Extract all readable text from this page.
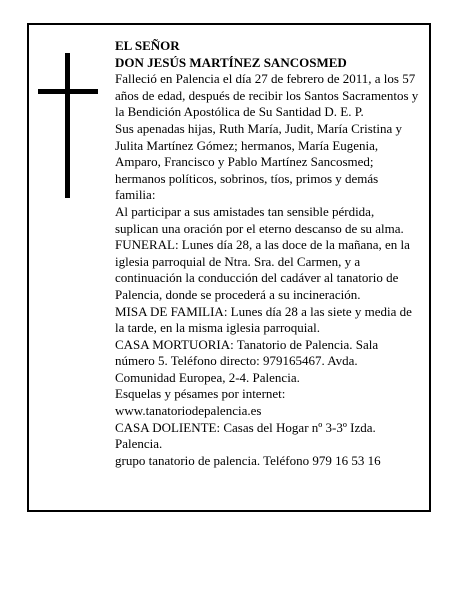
EL SEÑOR

DON JESÚS MARTÍNEZ SANCOSMED

Falleció en Palencia el día 27 de febrero de 2011, a los 57 años de edad, después de recibir los Santos Sacramentos y la Bendición Apostólica de Su Santidad D. E. P.

Sus apenadas hijas, Ruth María, Judit, María Cristina y Julita Martínez Gómez; hermanos, María Eugenia, Amparo, Francisco y Pablo Martínez Sancosmed; hermanos políticos, sobrinos, tíos, primos y demás familia:

Al participar a sus amistades tan sensible pérdida, suplican una oración por el eterno descanso de su alma.

FUNERAL: Lunes día 28, a las doce de la mañana, en la iglesia parroquial de Ntra. Sra. del Carmen, y a continuación la conducción del cadáver al tanatorio de Palencia, donde se procederá a su incineración.

MISA DE FAMILIA: Lunes día 28 a las siete y media de la tarde, en la misma iglesia parroquial.

CASA MORTUORIA: Tanatorio de Palencia. Sala número 5. Teléfono directo: 979165467. Avda. Comunidad Europea, 2-4. Palencia.

Esquelas y pésames por internet: www.tanatoriodepalencia.es

CASA DOLIENTE: Casas del Hogar nº 3-3º Izda. Palencia.

grupo tanatorio de palencia. Teléfono 979 16 53 16
